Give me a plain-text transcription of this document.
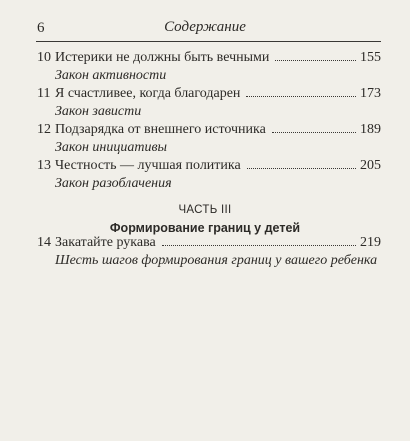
6	Содержание
10 Истерики не должны быть вечными	155
Закон активности
11 Я счастливее, когда благодарен	173
Закон зависти
12 Подзарядка от внешнего источника	189
Закон инициативы
13 Честность — лучшая политика	205
Закон разоблачения
ЧАСТЬ III
Формирование границ у детей
14 Закатайте рукава	219
Шесть шагов формирования границ у вашего ребенка
